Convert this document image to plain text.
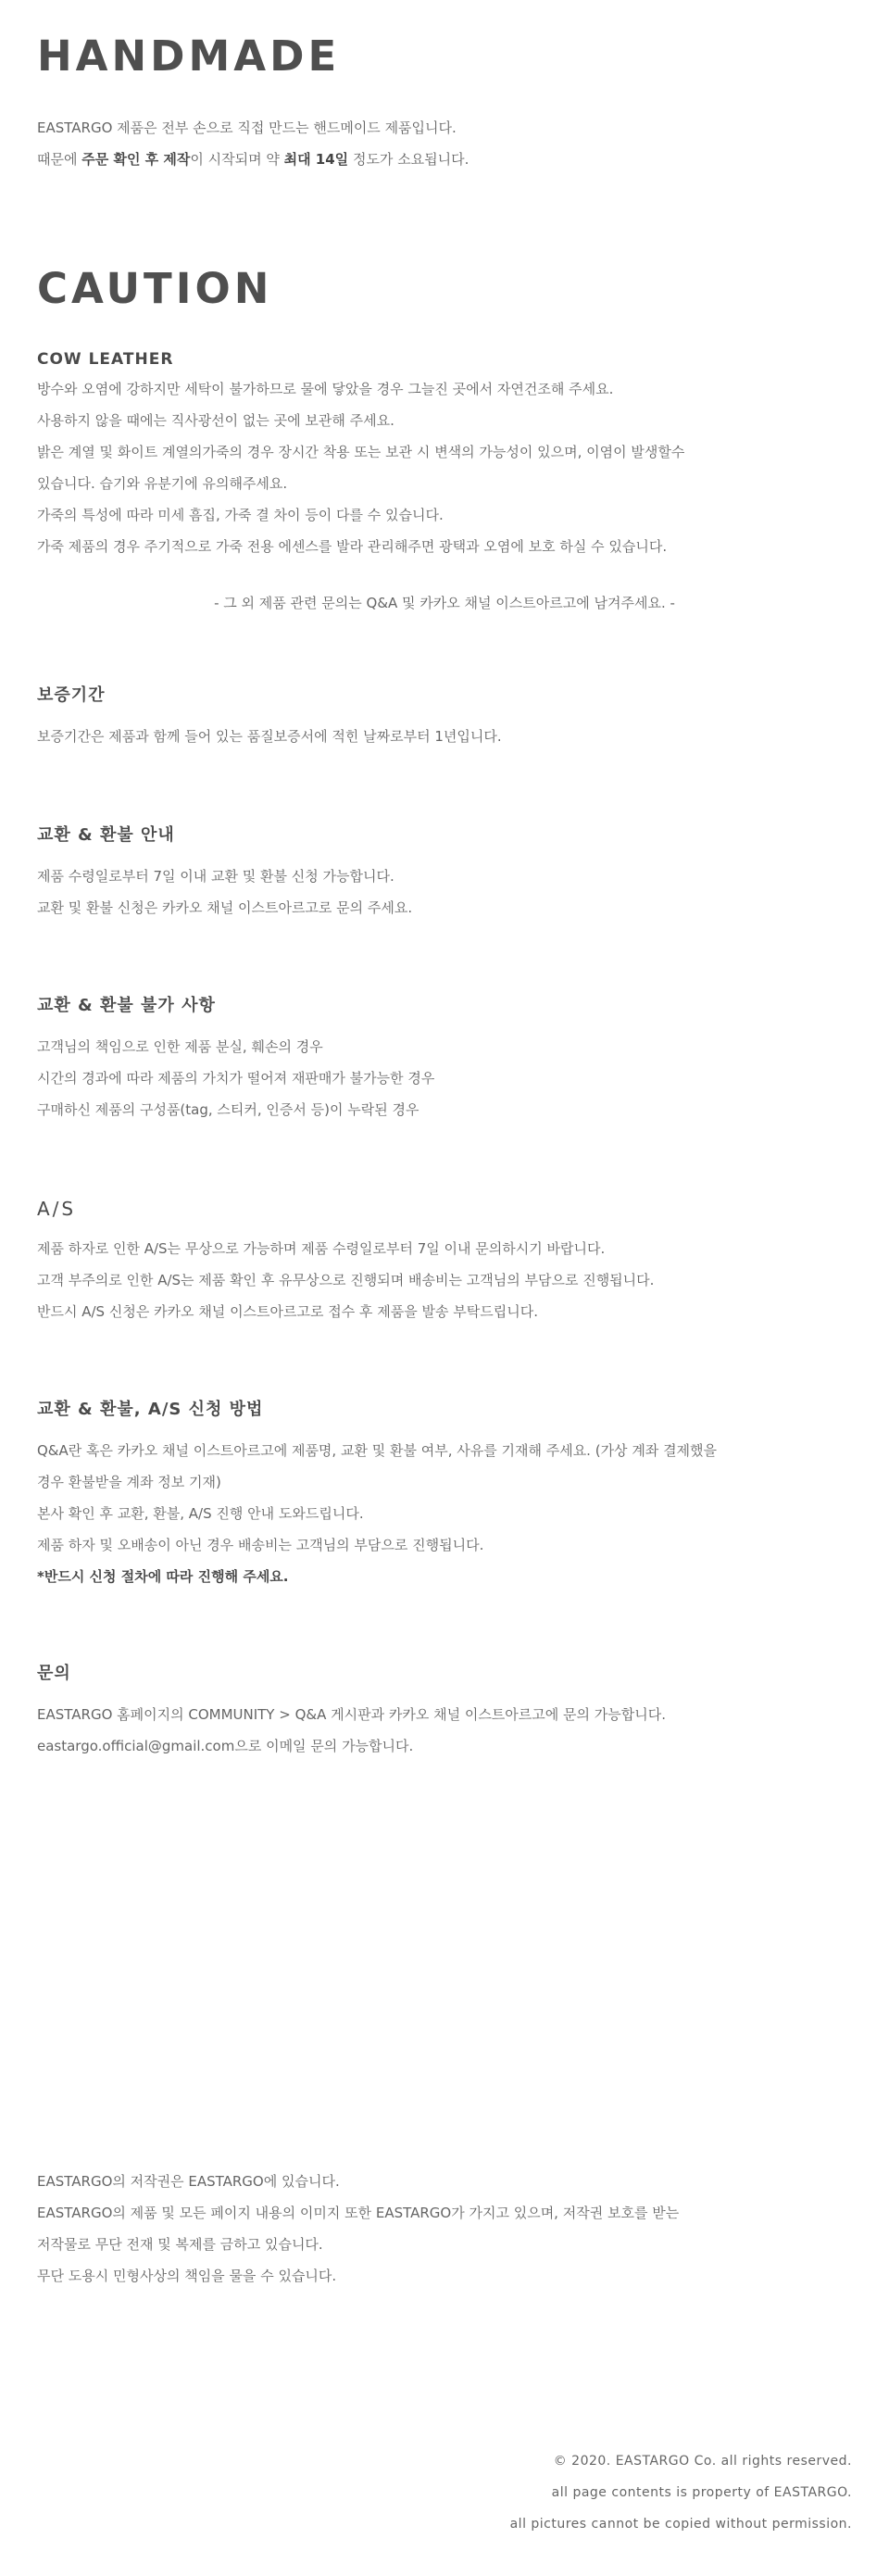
HANDMADE

EASTARGO 제품은 전부 손으로 직접 만드는 핸드메이드 제품입니다.

때문에 주문 확인 후 제작이 시작되며 약 최대 14일 정도가 소요됩니다.

CAUTION

COW LEATHER

방수와 오염에 강하지만 세탁이 불가하므로 물에 닿았을 경우 그늘진 곳에서 자연건조해 주세요.

사용하지 않을 때에는 직사광선이 없는 곳에 보관해 주세요.

밝은 계열 및 화이트 계열의가죽의 경우 장시간 착용 또는 보관 시 변색의 가능성이 있으며, 이염이 발생할수

있습니다. 습기와 유분기에 유의해주세요.

가죽의 특성에 따라 미세 흠집, 가죽 결 차이 등이 다를 수 있습니다.

가죽 제품의 경우 주기적으로 가죽 전용 에센스를 발라 관리해주면 광택과 오염에 보호 하실 수 있습니다.

- 그 외 제품 관련 문의는 Q&A 및 카카오 채널 이스트아르고에 남겨주세요. -
보증기간

보증기간은 제품과 함께 들어 있는 품질보증서에 적힌 날짜로부터 1년입니다.

교환 & 환불 안내

제품 수령일로부터 7일 이내 교환 및 환불 신청 가능합니다.

교환 및 환불 신청은 카카오 채널 이스트아르고로 문의 주세요.

교환 & 환불 불가 사항

고객님의 책임으로 인한 제품 분실, 훼손의 경우

시간의 경과에 따라 제품의 가치가 떨어져 재판매가 불가능한 경우

구매하신 제품의 구성품(tag, 스티커, 인증서 등)이 누락된 경우

A/S

제품 하자로 인한 A/S는 무상으로 가능하며 제품 수령일로부터 7일 이내 문의하시기 바랍니다.

고객 부주의로 인한 A/S는 제품 확인 후 유무상으로 진행되며 배송비는 고객님의 부담으로 진행됩니다.

반드시 A/S 신청은 카카오 채널 이스트아르고로 접수 후 제품을 발송 부탁드립니다.

교환 & 환불, A/S 신청 방법

Q&A란 혹은 카카오 채널 이스트아르고에 제품명, 교환 및 환불 여부, 사유를 기재해 주세요. (가상 계좌 결제했을

경우 환불받을 계좌 정보 기재)

본사 확인 후 교환, 환불, A/S 진행 안내 도와드립니다.

제품 하자 및 오배송이 아닌 경우 배송비는 고객님의 부담으로 진행됩니다.

*반드시 신청 절차에 따라 진행해 주세요.

문의

EASTARGO 홈페이지의 COMMUNITY > Q&A 게시판과 카카오 채널 이스트아르고에 문의 가능합니다.

eastargo.official@gmail.com으로 이메일 문의 가능합니다.

EASTARGO의 저작권은 EASTARGO에 있습니다.

EASTARGO의 제품 및 모든 페이지 내용의 이미지 또한 EASTARGO가 가지고 있으며, 저작권 보호를 받는

저작물로 무단 전재 및 복제를 금하고 있습니다.

무단 도용시 민형사상의 책임을 물을 수 있습니다.

© 2020. EASTARGO Co. all rights reserved.

all page contents is property of EASTARGO.

all pictures cannot be copied without permission.
